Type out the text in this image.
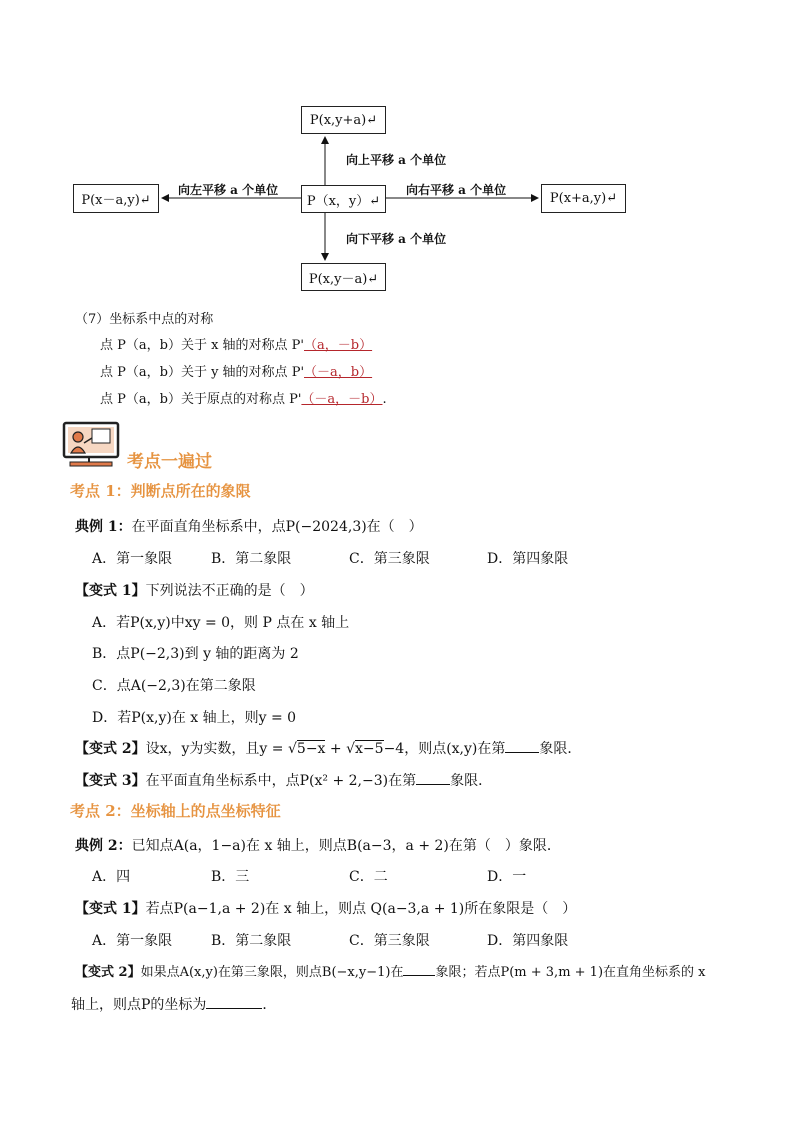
P(x,y+a)↵
P（x，y）↵
P(x,y－a)↵
P(x－a,y)↵	P(x+a,y)↵
向上平移 a 个单位
向下平移 a 个单位
向左平移 a 个单位	向右平移 a 个单位
（7）坐标系中点的对称
点 P（a，b）关于 x 轴的对称点 P'（a，－b）
点 P（a，b）关于 y 轴的对称点 P'（－a，b）
点 P（a，b）关于原点的对称点 P'（－a，－b）.
考点一遍过
考点 1：判断点所在的象限
典例 1：在平面直角坐标系中，点P(−2024,3)在（　）
A．第一象限	B．第二象限	C．第三象限	D．第四象限
【变式 1】下列说法不正确的是（　）
A．若P(x,y)中xy = 0，则 P 点在 x 轴上
B．点P(−2,3)到 y 轴的距离为 2
C．点A(−2,3)在第二象限
D．若P(x,y)在 x 轴上，则y = 0
【变式 2】设x，y为实数，且y = √5−x + √x−5−4，则点(x,y)在第 象限．
【变式 3】在平面直角坐标系中，点P(x² + 2,−3)在第 象限．
考点 2：坐标轴上的点坐标特征
典例 2：已知点A(a，1−a)在 x 轴上，则点B(a−3，a + 2)在第（　）象限．
A．四	B．三	C．二	D．一
【变式 1】若点P(a−1,a + 2)在 x 轴上，则点 Q(a−3,a + 1)所在象限是（　）
A．第一象限	B．第二象限	C．第三象限	D．第四象限
【变式 2】如果点A(x,y)在第三象限，则点B(−x,y−1)在 象限；若点P(m + 3,m + 1)在直角坐标系的 x
轴上，则点P的坐标为	．
